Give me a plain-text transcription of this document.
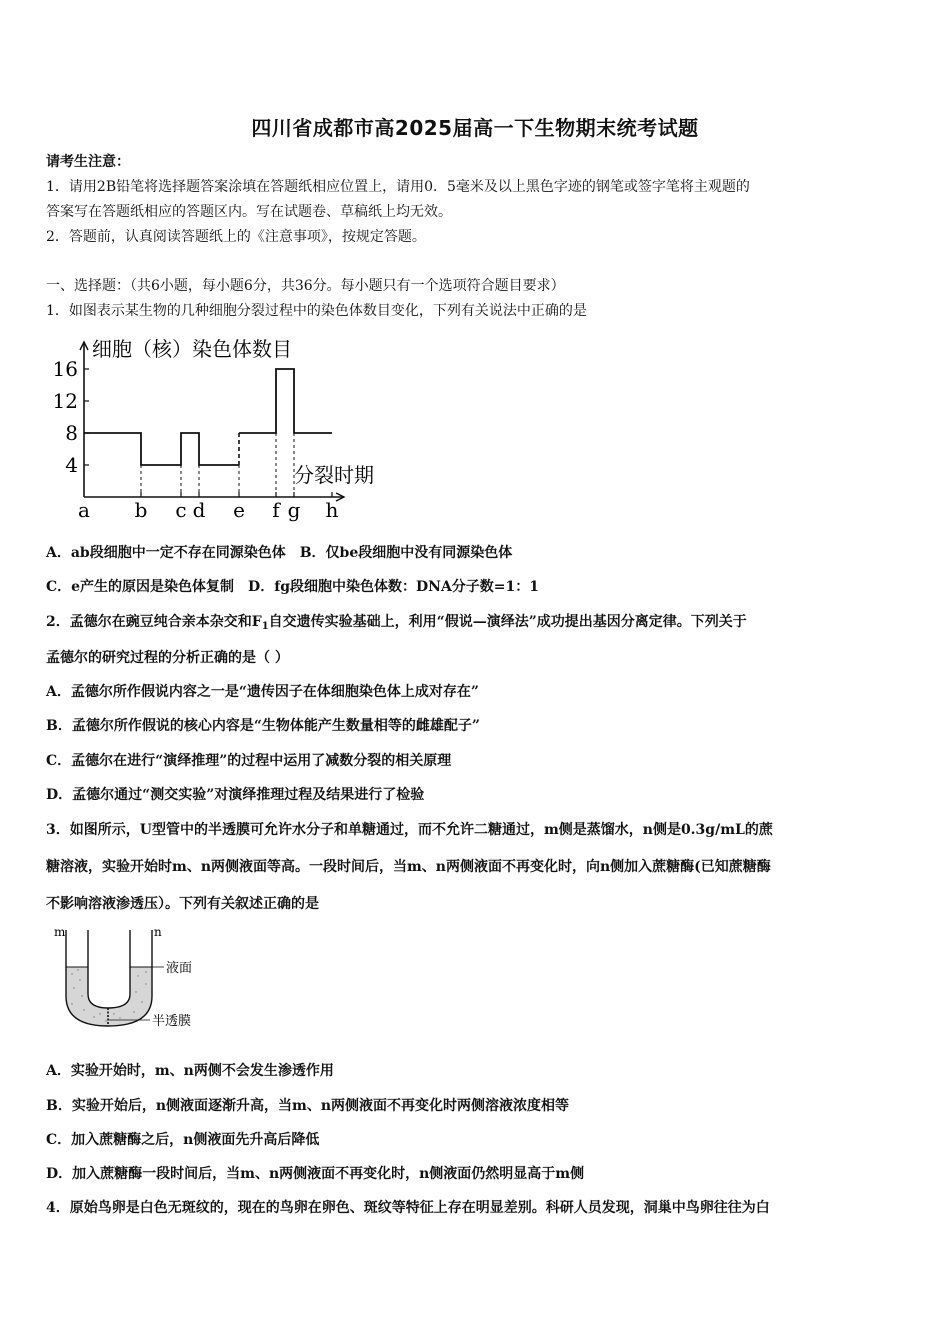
四川省成都市高2025届高一下生物期末统考试题
请考生注意：
1．请用2B铅笔将选择题答案涂填在答题纸相应位置上，请用0．5毫米及以上黑色字迹的钢笔或签字笔将主观题的
答案写在答题纸相应的答题区内。写在试题卷、草稿纸上均无效。
2．答题前，认真阅读答题纸上的《注意事项》，按规定答题。
一、选择题：（共6小题，每小题6分，共36分。每小题只有一个选项符合题目要求）
1．如图表示某生物的几种细胞分裂过程中的染色体数目变化，下列有关说法中正确的是
细胞（核）染色体数目
分裂时期
4
8
12
16
a b c d e f g h
A．ab段细胞中一定不存在同源染色体　B．仅be段细胞中没有同源染色体
C．e产生的原因是染色体复制　D．fg段细胞中染色体数：DNA分子数=1：1
2．孟德尔在豌豆纯合亲本杂交和$F_1$自交遗传实验基础上，利用“假说—演绎法”成功提出基因分离定律。下列关于
孟德尔的研究过程的分析正确的是（ ）
A．孟德尔所作假说内容之一是“遗传因子在体细胞染色体上成对存在”
B．孟德尔所作假说的核心内容是“生物体能产生数量相等的雌雄配子”
C．孟德尔在进行“演绎推理”的过程中运用了减数分裂的相关原理
D．孟德尔通过“测交实验”对演绎推理过程及结果进行了检验
3．如图所示，U型管中的半透膜可允许水分子和单糖通过，而不允许二糖通过，m侧是蒸馏水，n侧是0.3g/mL的蔗
糖溶液，实验开始时m、n两侧液面等高。一段时间后，当m、n两侧液面不再变化时，向n侧加入蔗糖酶(已知蔗糖酶
不影响溶液渗透压）。下列有关叙述正确的是
m	n
液面
半透膜
A．实验开始时，m、n两侧不会发生渗透作用
B．实验开始后，n侧液面逐渐升高，当m、n两侧液面不再变化时两侧溶液浓度相等
C．加入蔗糖酶之后，n侧液面先升高后降低
D．加入蔗糖酶一段时间后，当m、n两侧液面不再变化时，n侧液面仍然明显高于m侧
4．原始鸟卵是白色无斑纹的，现在的鸟卵在卵色、斑纹等特征上存在明显差别。科研人员发现，洞巢中鸟卵往往为白
